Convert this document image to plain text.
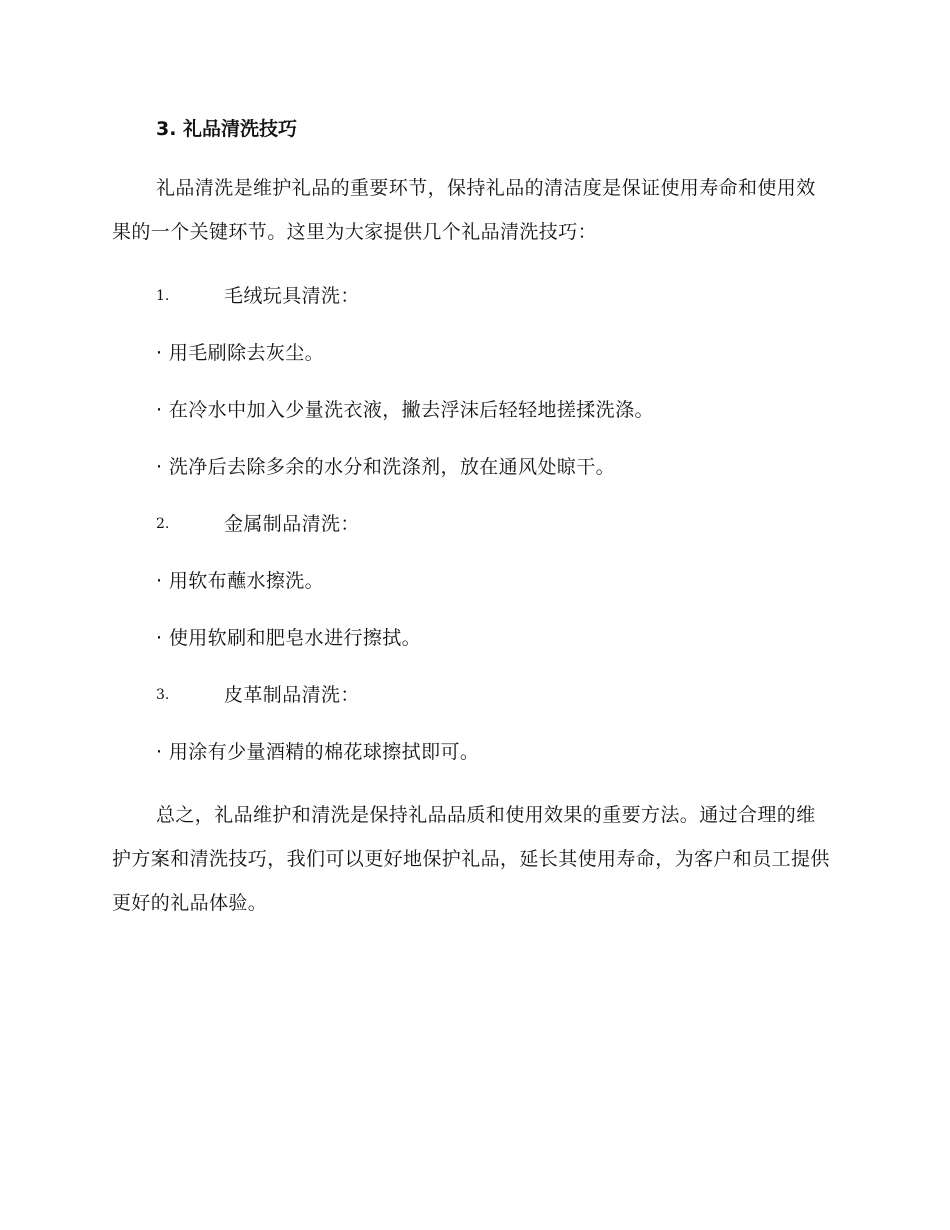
3. 礼品清洗技巧

礼品清洗是维护礼品的重要环节，保持礼品的清洁度是保证使用寿命和使用效果的一个关键环节。这里为大家提供几个礼品清洗技巧：

1.	毛绒玩具清洗：
· 用毛刷除去灰尘。
· 在冷水中加入少量洗衣液，撇去浮沫后轻轻地搓揉洗涤。
· 洗净后去除多余的水分和洗涤剂，放在通风处晾干。
2.	金属制品清洗：
· 用软布蘸水擦洗。
· 使用软刷和肥皂水进行擦拭。
3.	皮革制品清洗：
· 用涂有少量酒精的棉花球擦拭即可。

总之，礼品维护和清洗是保持礼品品质和使用效果的重要方法。通过合理的维护方案和清洗技巧，我们可以更好地保护礼品，延长其使用寿命，为客户和员工提供更好的礼品体验。
